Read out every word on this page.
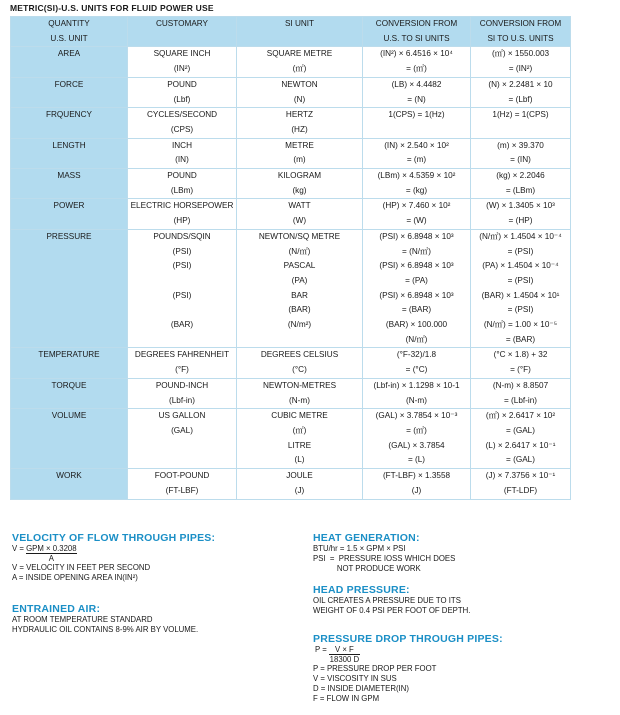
METRIC(SI)-U.S. UNITS FOR FLUID POWER USE
QUANTITY	CUSTOMARY	SI UNIT	CONVERSION FROM	CONVERSION FROM
U.S. UNIT			U.S. TO SI UNITS	SI TO U.S. UNITS
AREA	SQUARE INCH	SQUARE METRE	(IN²) × 6.4516 × 10⁴	(㎡) × 1550.003
	(IN²)	(㎡)	= (㎡)	= (IN²)
FORCE	POUND	NEWTON	(LB) × 4.4482	(N) × 2.2481 × 10
	(Lbf)	(N)	= (N)	= (Lbf)
FRQUENCY	CYCLES/SECOND	HERTZ	1(CPS) = 1(Hz)	1(Hz) = 1(CPS)
	(CPS)	(HZ)		
LENGTH	INCH	METRE	(IN) × 2.540 × 10²	(m) × 39.370
	(IN)	(m)	= (m)	= (IN)
MASS	POUND	KILOGRAM	(LBm) × 4.5359 × 10²	(kg) × 2.2046
	(LBm)	(kg)	= (kg)	= (LBm)
POWER	ELECTRIC HORSEPOWER	WATT	(HP) × 7.460 × 10²	(W) × 1.3405 × 10³
	(HP)	(W)	= (W)	= (HP)
PRESSURE	POUNDS/SQIN	NEWTON/SQ METRE	(PSI) × 6.8948 × 10³	(N/㎡) × 1.4504 × 10⁻⁴
	(PSI)	(N/㎡)	= (N/㎡)	= (PSI)
	(PSI)	PASCAL	(PSI) × 6.8948 × 10³	(PA) × 1.4504 × 10⁻⁴
		(PA)	= (PA)	= (PSI)
	(PSI)	BAR	(PSI) × 6.8948 × 10³	(BAR) × 1.4504 × 10¹
		(BAR)	= (BAR)	= (PSI)
	(BAR)	(N/m²)	(BAR) × 100.000	(N/㎡) = 1.00 × 10⁻⁵
			(N/㎡)	= (BAR)
TEMPERATURE	DEGREES FAHRENHEIT	DEGREES CELSIUS	(°F-32)/1.8	(°C × 1.8) + 32
	(°F)	(°C)	= (°C)	= (°F)
TORQUE	POUND-INCH	NEWTON-METRES	(Lbf-in) × 1.1298 × 10-1	(N-m) × 8.8507
	(Lbf-in)	(N-m)	(N-m)	= (Lbf-in)
VOLUME	US GALLON	CUBIC METRE	(GAL) × 3.7854 × 10⁻³	(㎡) × 2.6417 × 10²
	(GAL)	(㎡)	= (㎡)	= (GAL)
		LITRE	(GAL) × 3.7854	(L) × 2.6417 × 10⁻¹
		(L)	= (L)	= (GAL)
WORK	FOOT-POUND	JOULE	(FT-LBF) × 1.3558	(J) × 7.3756 × 10⁻¹
	(FT-LBF)	(J)	(J)	(FT-LDF)
VELOCITY OF FLOW THROUGH PIPES:
$V = \frac{\text{GPM × 0.3208}}{A}$
V = VELOCITY IN FEET PER SECOND
A = INSIDE OPENING AREA IN(IN²)
ENTRAINED AIR:
AT ROOM TEMPERATURE STANDARD
HYDRAULIC OIL CONTAINS 8-9% AIR BY VOLUME.
HEAT GENERATION:
BTU/hr = 1.5 × GPM × PSI
PSI  =  PRESSURE IOSS WHICH DOES
NOT PRODUCE WORK
HEAD PRESSURE:
OIL CREATES A PRESSURE DUE TO ITS
WEIGHT OF 0.4 PSI PER FOOT OF DEPTH.
PRESSURE DROP THROUGH PIPES:
$P = \frac{V \times F}{18300 D}$
P = PRESSURE DROP PER FOOT
V = VISCOSITY IN SUS
D = INSIDE DIAMETER(IN)
F = FLOW IN GPM
